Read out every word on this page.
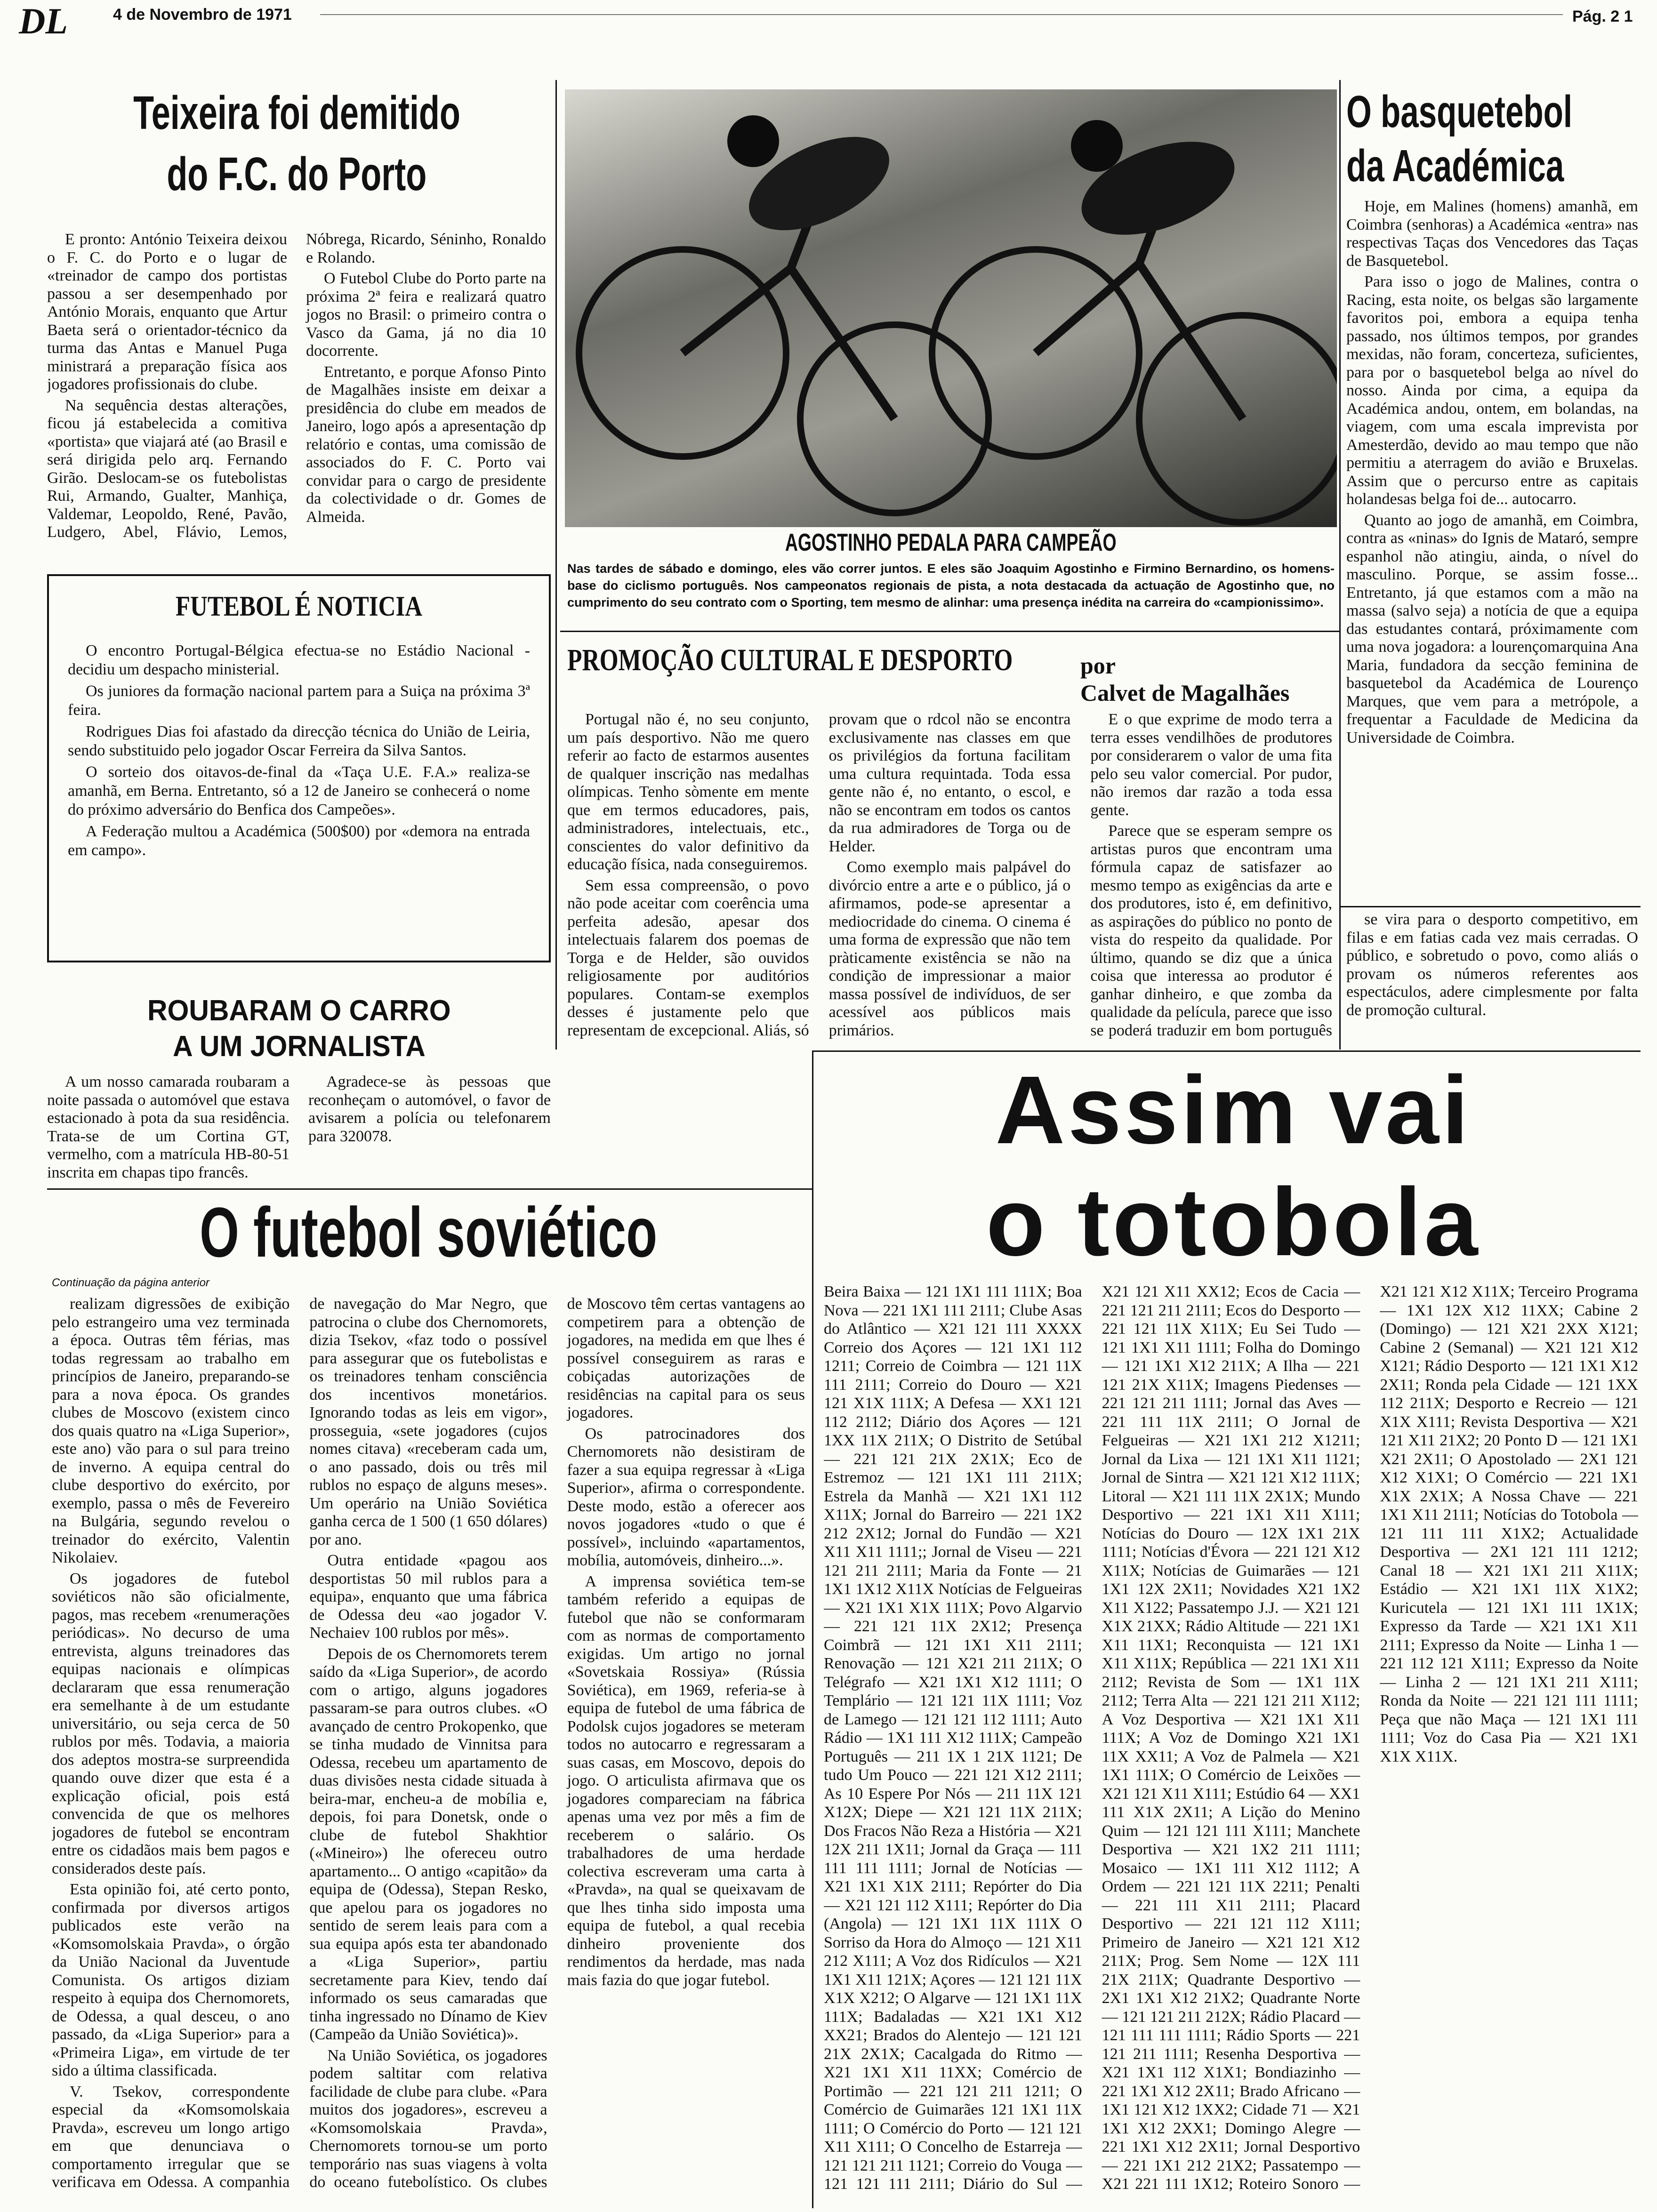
DL	4 de Novembro de 1971	Pág. 2 1
Teixeira foi demitido
do F.C. do Porto

E pronto: António Teixeira deixou o F. C. do Porto e o lugar de «treinador de campo dos portistas passou a ser desempenhado por António Morais, enquanto que Artur Baeta será o orientador-técnico da turma das Antas e Manuel Puga ministrará a preparação física aos jogadores profissionais do clube.

Na sequência destas alterações, ficou já estabelecida a comitiva «portista» que viajará até (ao Brasil e será dirigida pelo arq. Fernando Girão. Deslocam-se os futebolistas Rui, Armando, Gualter, Manhiça, Valdemar, Leopoldo, René, Pavão, Ludgero, Abel, Flávio, Lemos, Nóbrega, Ricardo, Séninho, Ronaldo e Rolando.

O Futebol Clube do Porto parte na próxima 2ª feira e realizará quatro jogos no Brasil: o primeiro contra o Vasco da Gama, já no dia 10 docorrente.

Entretanto, e porque Afonso Pinto de Magalhães insiste em deixar a presidência do clube em meados de Janeiro, logo após a apresentação dp relatório e contas, uma comissão de associados do F. C. Porto vai convidar para o cargo de presidente da colectividade o dr. Gomes de Almeida.

AGOSTINHO PEDALA PARA CAMPEÃO
Nas tardes de sábado e domingo, eles vão correr juntos. E eles são Joaquim Agostinho e Firmino Bernardino, os homens-base do ciclismo português. Nos campeonatos regionais de pista, a nota destacada da actuação de Agostinho que, no cumprimento do seu contrato com o Sporting, tem mesmo de alinhar: uma presença inédita na carreira do «campionissimo».
O basquetebol
da Académica

Hoje, em Malines (homens) amanhã, em Coimbra (senhoras) a Académica «entra» nas respectivas Taças dos Vencedores das Taças de Basquetebol.

Para isso o jogo de Malines, contra o Racing, esta noite, os belgas são largamente favoritos poi, embora a equipa tenha passado, nos últimos tempos, por grandes mexidas, não foram, concerteza, suficientes, para por o basquetebol belga ao nível do nosso. Ainda por cima, a equipa da Académica andou, ontem, em bolandas, na viagem, com uma escala imprevista por Amesterdão, devido ao mau tempo que não permitiu a aterragem do avião e Bruxelas. Assim que o percurso entre as capitais holandesas belga foi de... autocarro.

Quanto ao jogo de amanhã, em Coimbra, contra as «ninas» do Ignis de Mataró, sempre espanhol não atingiu, ainda, o nível do masculino. Porque, se assim fosse... Entretanto, já que estamos com a mão na massa (salvo seja) a notícia de que a equipa das estudantes contará, próximamente com uma nova jogadora: a lourençomarquina Ana Maria, fundadora da secção feminina de basquetebol da Académica de Lourenço Marques, que vem para a metrópole, a frequentar a Faculdade de Medicina da Universidade de Coimbra.

se vira para o desporto competitivo, em filas e em fatias cada vez mais cerradas. O público, e sobretudo o povo, como aliás o provam os números referentes aos espectáculos, adere cimplesmente por falta de promoção cultural.

FUTEBOL É NOTICIA

O encontro Portugal-Bélgica efectua-se no Estádio Nacional - decidiu um despacho ministerial.

Os juniores da formação nacional partem para a Suiça na próxima 3ª feira.

Rodrigues Dias foi afastado da direcção técnica do União de Leiria, sendo substituido pelo jogador Oscar Ferreira da Silva Santos.

O sorteio dos oitavos-de-final da «Taça U.E. F.A.» realiza-se amanhã, em Berna. Entretanto, só a 12 de Janeiro se conhecerá o nome do próximo adversário do Benfica dos Campeões».

A Federação multou a Académica (500$00) por «demora na entrada em campo».

PROMOÇÃO CULTURAL E DESPORTO	por
Calvet de Magalhães

Portugal não é, no seu conjunto, um país desportivo. Não me quero referir ao facto de estarmos ausentes de qualquer inscrição nas medalhas olímpicas. Tenho sòmente em mente que em termos educadores, pais, administradores, intelectuais, etc., conscientes do valor definitivo da educação física, nada conseguiremos.

Sem essa compreensão, o povo não pode aceitar com coerência uma perfeita adesão, apesar dos intelectuais falarem dos poemas de Torga e de Helder, são ouvidos religiosamente por auditórios populares. Contam-se exemplos desses é justamente pelo que representam de excepcional. Aliás, só provam que o rdcol não se encontra exclusivamente nas classes em que os privilégios da fortuna facilitam uma cultura requintada. Toda essa gente não é, no entanto, o escol, e não se encontram em todos os cantos da rua admiradores de Torga ou de Helder.

Como exemplo mais palpável do divórcio entre a arte e o público, já o afirmamos, pode-se apresentar a mediocridade do cinema. O cinema é uma forma de expressão que não tem pràticamente existência se não na condição de impressionar a maior massa possível de indivíduos, de ser acessível aos públicos mais primários.

E o que exprime de modo terra a terra esses vendilhões de produtores por considerarem o valor de uma fita pelo seu valor comercial. Por pudor, não iremos dar razão a toda essa gente.

Parece que se esperam sempre os artistas puros que encontram uma fórmula capaz de satisfazer ao mesmo tempo as exigências da arte e dos produtores, isto é, em definitivo, as aspirações do público no ponto de vista do respeito da qualidade. Por último, quando se diz que a única coisa que interessa ao produtor é ganhar dinheiro, e que zomba da qualidade da película, parece que isso se poderá traduzir em bom português

ROUBARAM O CARRO
A UM JORNALISTA

A um nosso camarada roubaram a noite passada o automóvel que estava estacionado à pota da sua residência. Trata-se de um Cortina GT, vermelho, com a matrícula HB-80-51 inscrita em chapas tipo francês.

Agradece-se às pessoas que reconheçam o automóvel, o favor de avisarem a polícia ou telefonarem para 320078.	Assim vai
o totobola

Beira Baixa — 121 1X1 111 111X; Boa Nova — 221 1X1 111 2111; Clube Asas do Atlântico — X21 121 111 XXXX Correio dos Açores — 121 1X1 112 1211; Correio de Coimbra — 121 11X 111 2111; Correio do Douro — X21 121 X1X 111X; A Defesa — XX1 121 112 2112; Diário dos Açores — 121 1XX 11X 211X; O Distrito de Setúbal — 221 121 21X 2X1X; Eco de Estremoz — 121 1X1 111 211X; Estrela da Manhã — X21 1X1 112 X11X; Jornal do Barreiro — 221 1X2 212 2X12; Jornal do Fundão — X21 X11 X11 1111;; Jornal de Viseu — 221 121 211 2111; Maria da Fonte — 21 1X1 1X12 X11X Notícias de Felgueiras — X21 1X1 X1X 111X; Povo Algarvio — 221 121 11X 2X12; Presença Coimbrã — 121 1X1 X11 2111; Renovação — 121 X21 211 211X; O Telégrafo — X21 1X1 X12 1111; O Templário — 121 121 11X 1111; Voz de Lamego — 121 121 112 1111; Auto Rádio — 1X1 111 X12 111X; Campeão Português — 211 1X 1 21X 1121; De tudo Um Pouco — 221 121 X12 2111; As 10 Espere Por Nós — 211 11X 121 X12X; Diepe — X21 121 11X 211X; Dos Fracos Não Reza a História — X21 12X 211 1X11; Jornal da Graça — 111 111 111 1111; Jornal de Notícias — X21 1X1 X1X 2111; Repórter do Dia — X21 121 112 X111; Repórter do Dia (Angola) — 121 1X1 11X 111X O Sorriso da Hora do Almoço — 121 X11 212 X111; A Voz dos Ridículos — X21 1X1 X11 121X; Açores — 121 121 11X X1X X212; O Algarve — 121 1X1 11X 111X; Badaladas — X21 1X1 X12 XX21; Brados do Alentejo — 121 121 21X 2X1X; Cacalgada do Ritmo — X21 1X1 X11 11XX; Comércio de Portimão — 221 121 211 1211; O Comércio de Guimarães 121 1X1 11X 1111; O Comércio do Porto — 121 121 X11 X111; O Concelho de Estarreja — 121 121 211 1121; Correio do Vouga — 121 121 111 2111; Diário do Sul — X21 121 X11 XX12; Ecos de Cacia — 221 121 211 2111; Ecos do Desporto — 221 121 11X X11X; Eu Sei Tudo — 121 1X1 X11 1111; Folha do Domingo — 121 1X1 X12 211X; A Ilha — 221 121 21X X11X; Imagens Piedenses — 221 121 211 1111; Jornal das Aves — 221 111 11X 2111; O Jornal de Felgueiras — X21 1X1 212 X1211; Jornal da Lixa — 121 1X1 X11 1121; Jornal de Sintra — X21 121 X12 111X; Litoral — X21 111 11X 2X1X; Mundo Desportivo — 221 1X1 X11 X111; Notícias do Douro — 12X 1X1 21X 1111; Notícias d'Évora — 221 121 X12 X11X; Notícias de Guimarães — 121 1X1 12X 2X11; Novidades X21 1X2 X11 X122; Passatempo J.J. — X21 121 X1X 21XX; Rádio Altitude — 221 1X1 X11 11X1; Reconquista — 121 1X1 X11 X11X; República — 221 1X1 X11 2112; Revista de Som — 1X1 11X 2112; Terra Alta — 221 121 211 X112; A Voz Desportiva — X21 1X1 X11 111X; A Voz de Domingo X21 1X1 11X XX11; A Voz de Palmela — X21 1X1 111X; O Comércio de Leixões — X21 121 X11 X111; Estúdio 64 — XX1 111 X1X 2X11; A Lição do Menino Quim — 121 121 111 X111; Manchete Desportiva — X21 1X2 211 1111; Mosaico — 1X1 111 X12 1112; A Ordem — 221 121 11X 2211; Penalti — 221 111 X11 2111; Placard Desportivo — 221 121 112 X111; Primeiro de Janeiro — X21 121 X12 211X; Prog. Sem Nome — 12X 111 21X 211X; Quadrante Desportivo — 2X1 1X1 X12 21X2; Quadrante Norte — 121 121 211 212X; Rádio Placard — 121 111 111 1111; Rádio Sports — 221 121 211 1111; Resenha Desportiva — X21 1X1 112 X1X1; Bondiazinho — 221 1X1 X12 2X11; Brado Africano — 1X1 121 X12 1XX2; Cidade 71 — X21 1X1 X12 2XX1; Domingo Alegre — 221 1X1 X12 2X11; Jornal Desportivo — 221 1X1 212 21X2; Passatempo — X21 221 111 1X12; Roteiro Sonoro — X21 121 X12 X11X; Terceiro Programa — 1X1 12X X12 11XX; Cabine 2 (Domingo) — 121 X21 2XX X121; Cabine 2 (Semanal) — X21 121 X12 X121; Rádio Desporto — 121 1X1 X12 2X11; Ronda pela Cidade — 121 1XX 112 211X; Desporto e Recreio — 121 X1X X111; Revista Desportiva — X21 121 X11 21X2; 20 Ponto D — 121 1X1 X21 2X11; O Apostolado — 2X1 121 X12 X1X1; O Comércio — 221 1X1 X1X 2X1X; A Nossa Chave — 221 1X1 X11 2111; Notícias do Totobola — 121 111 111 X1X2; Actualidade Desportiva — 2X1 121 111 1212; Canal 18 — X21 1X1 211 X11X; Estádio — X21 1X1 11X X1X2; Kuricutela — 121 1X1 111 1X1X; Expresso da Tarde — X21 1X1 X11 2111; Expresso da Noite — Linha 1 — 221 112 121 X111; Expresso da Noite — Linha 2 — 121 1X1 211 X111; Ronda da Noite — 221 121 111 1111; Peça que não Maça — 121 1X1 111 1111; Voz do Casa Pia — X21 1X1 X1X X11X.

O futebol soviético
Continuação da página anterior

realizam digressões de exibição pelo estrangeiro uma vez terminada a época. Outras têm férias, mas todas regressam ao trabalho em princípios de Janeiro, preparando-se para a nova época. Os grandes clubes de Moscovo (existem cinco dos quais quatro na «Liga Superior», este ano) vão para o sul para treino de inverno. A equipa central do clube desportivo do exército, por exemplo, passa o mês de Fevereiro na Bulgária, segundo revelou o treinador do exército, Valentin Nikolaiev.

Os jogadores de futebol soviéticos não são oficialmente, pagos, mas recebem «renumerações periódicas». No decurso de uma entrevista, alguns treinadores das equipas nacionais e olímpicas declararam que essa renumeração era semelhante à de um estudante universitário, ou seja cerca de 50 rublos por mês. Todavia, a maioria dos adeptos mostra-se surpreendida quando ouve dizer que esta é a explicação oficial, pois está convencida de que os melhores jogadores de futebol se encontram entre os cidadãos mais bem pagos e considerados deste país.

Esta opinião foi, até certo ponto, confirmada por diversos artigos publicados este verão na «Komsomolskaia Pravda», o órgão da União Nacional da Juventude Comunista. Os artigos diziam respeito à equipa dos Chernomorets, de Odessa, a qual desceu, o ano passado, da «Liga Superior» para a «Primeira Liga», em virtude de ter sido a última classificada.

V. Tsekov, correspondente especial da «Komsomolskaia Pravda», escreveu um longo artigo em que denunciava o comportamento irregular que se verificava em Odessa. A companhia de navegação do Mar Negro, que patrocina o clube dos Chernomorets, dizia Tsekov, «faz todo o possível para assegurar que os futebolistas e os treinadores tenham consciência dos incentivos monetários. Ignorando todas as leis em vigor», prosseguia, «sete jogadores (cujos nomes citava) «receberam cada um, o ano passado, dois ou três mil rublos no espaço de alguns meses». Um operário na União Soviética ganha cerca de 1 500 (1 650 dólares) por ano.

Outra entidade «pagou aos desportistas 50 mil rublos para a equipa», enquanto que uma fábrica de Odessa deu «ao jogador V. Nechaiev 100 rublos por mês».

Depois de os Chernomorets terem saído da «Liga Superior», de acordo com o artigo, alguns jogadores passaram-se para outros clubes. «O avançado de centro Prokopenko, que se tinha mudado de Vinnitsa para Odessa, recebeu um apartamento de duas divisões nesta cidade situada à beira-mar, encheu-a de mobília e, depois, foi para Donetsk, onde o clube de futebol Shakhtior («Mineiro») lhe ofereceu outro apartamento... O antigo «capitão» da equipa de (Odessa), Stepan Resko, que apelou para os jogadores no sentido de serem leais para com a sua equipa após esta ter abandonado a «Liga Superior», partiu secretamente para Kiev, tendo daí informado os seus camaradas que tinha ingressado no Dínamo de Kiev (Campeão da União Soviética)».

Na União Soviética, os jogadores podem saltitar com relativa facilidade de clube para clube. «Para muitos dos jogadores», escreveu a «Komsomolskaia Pravda», Chernomorets tornou-se um porto temporário nas suas viagens à volta do oceano futebolístico. Os clubes de Moscovo têm certas vantagens ao competirem para a obtenção de jogadores, na medida em que lhes é possível conseguirem as raras e cobiçadas autorizações de residências na capital para os seus jogadores.

Os patrocinadores dos Chernomorets não desistiram de fazer a sua equipa regressar à «Liga Superior», afirma o correspondente. Deste modo, estão a oferecer aos novos jogadores «tudo o que é possível», incluindo «apartamentos, mobília, automóveis, dinheiro...».

A imprensa soviética tem-se também referido a equipas de futebol que não se conformaram com as normas de comportamento exigidas. Um artigo no jornal «Sovetskaia Rossiya» (Rússia Soviética), em 1969, referia-se à equipa de futebol de uma fábrica de Podolsk cujos jogadores se meteram todos no autocarro e regressaram a suas casas, em Moscovo, depois do jogo. O articulista afirmava que os jogadores compareciam na fábrica apenas uma vez por mês a fim de receberem o salário. Os trabalhadores de uma herdade colectiva escreveram uma carta à «Pravda», na qual se queixavam de que lhes tinha sido imposta uma equipa de futebol, a qual recebia dinheiro proveniente dos rendimentos da herdade, mas nada mais fazia do que jogar futebol.
